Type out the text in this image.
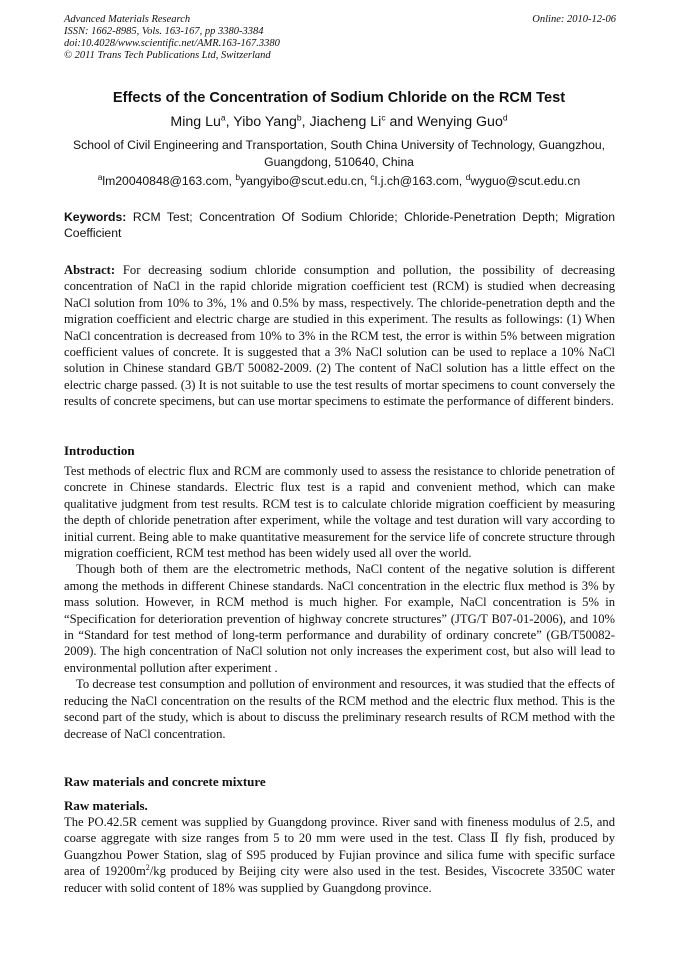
Advanced Materials Research
ISSN: 1662-8985, Vols. 163-167, pp 3380-3384
doi:10.4028/www.scientific.net/AMR.163-167.3380
© 2011 Trans Tech Publications Ltd, Switzerland
Online: 2010-12-06
Effects of the Concentration of Sodium Chloride on the RCM Test
Ming Lu$^a$, Yibo Yang$^b$, Jiacheng Li$^c$ and Wenying Guo$^d$
School of Civil Engineering and Transportation, South China University of Technology, Guangzhou, Guangdong, 510640, China
$^a$lm20040848@163.com, $^b$yangyibo@scut.edu.cn, $^c$l.j.ch@163.com, $^d$wyguo@scut.edu.cn

Keywords: RCM Test; Concentration Of Sodium Chloride; Chloride-Penetration Depth; Migration Coefficient

Abstract: For decreasing sodium chloride consumption and pollution, the possibility of decreasing concentration of NaCl in the rapid chloride migration coefficient test (RCM) is studied when decreasing NaCl solution from 10% to 3%, 1% and 0.5% by mass, respectively. The chloride-penetration depth and the migration coefficient and electric charge are studied in this experiment. The results as followings: (1) When NaCl concentration is decreased from 10% to 3% in the RCM test, the error is within 5% between migration coefficient values of concrete. It is suggested that a 3% NaCl solution can be used to replace a 10% NaCl solution in Chinese standard GB/T 50082-2009. (2) The content of NaCl solution has a little effect on the electric charge passed. (3) It is not suitable to use the test results of mortar specimens to count conversely the results of concrete specimens, but can use mortar specimens to estimate the performance of different binders.

Introduction

Test methods of electric flux and RCM are commonly used to assess the resistance to chloride penetration of concrete in Chinese standards. Electric flux test is a rapid and convenient method, which can make qualitative judgment from test results. RCM test is to calculate chloride migration coefficient by measuring the depth of chloride penetration after experiment, while the voltage and test duration will vary according to initial current. Being able to make quantitative measurement for the service life of concrete structure through migration coefficient, RCM test method has been widely used all over the world.

Though both of them are the electrometric methods, NaCl content of the negative solution is different among the methods in different Chinese standards. NaCl concentration in the electric flux method is 3% by mass solution. However, in RCM method is much higher. For example, NaCl concentration is 5% in “Specification for deterioration prevention of highway concrete structures” (JTG/T B07-01-2006), and 10% in “Standard for test method of long-term performance and durability of ordinary concrete” (GB/T50082-2009). The high concentration of NaCl solution not only increases the experiment cost, but also will lead to environmental pollution after experiment .

To decrease test consumption and pollution of environment and resources, it was studied that the effects of reducing the NaCl concentration on the results of the RCM method and the electric flux method. This is the second part of the study, which is about to discuss the preliminary research results of RCM method with the decrease of NaCl concentration.

Raw materials and concrete mixture
Raw materials.

The PO.42.5R cement was supplied by Guangdong province. River sand with fineness modulus of 2.5, and coarse aggregate with size ranges from 5 to 20 mm were used in the test. Class Ⅱ fly fish, produced by Guangzhou Power Station, slag of S95 produced by Fujian province and silica fume with specific surface area of $19200m^2/kg$ produced by Beijing city were also used in the test. Besides, Viscocrete 3350C water reducer with solid content of 18% was supplied by Guangdong province.
